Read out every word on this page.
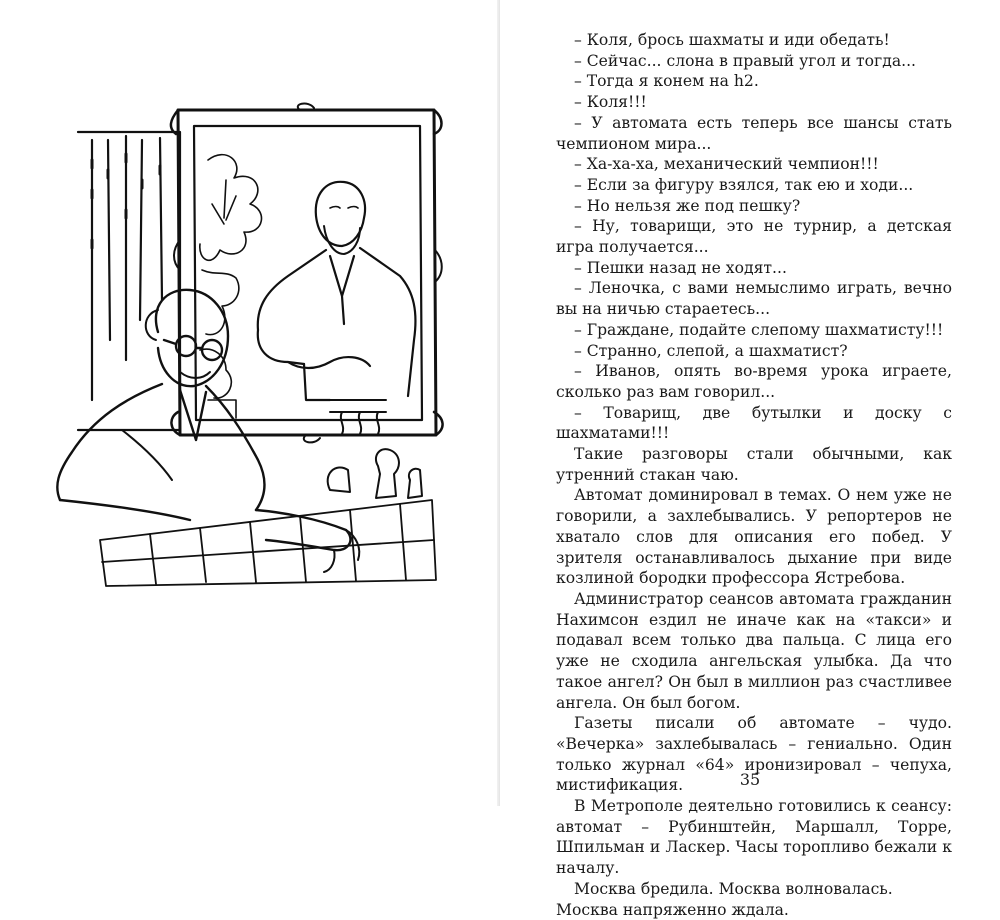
– Коля, брось шахматы и иди обедать!

– Сейчас... слона в правый угол и тогда...

– Тогда я конем на h2.

– Коля!!!

– У автомата есть теперь все шансы стать чемпионом мира...

– Ха-ха-ха, механический чемпион!!!

– Если за фигуру взялся, так ею и ходи...

– Но нельзя же под пешку?

– Ну, товарищи, это не турнир, а детская игра получается...

– Пешки назад не ходят...

– Леночка, с вами немыслимо играть, вечно вы на ничью стараетесь...

– Граждане, подайте слепому шахматисту!!!

– Странно, слепой, а шахматист?

– Иванов, опять во-время урока играете, сколько раз вам говорил...

– Товарищ, две бутылки и доску с шахматами!!!

Такие разговоры стали обычными, как утренний стакан чаю.

Автомат доминировал в темах. О нем уже не говорили, а захлебывались. У репортеров не хватало слов для описания его побед. У зрителя останавливалось дыхание при виде козлиной бородки профессора Ястребова.

Администратор сеансов автомата гражданин Нахимсон ездил не иначе как на «такси» и подавал всем только два пальца. С лица его уже не сходила ангельская улыбка. Да что такое ангел? Он был в миллион раз счастливее ангела. Он был богом.

Газеты писали об автомате – чудо. «Вечерка» захлебывалась – гениально. Один только журнал «64» иронизировал – чепуха, мистификация.

В Метрополе деятельно готовились к сеансу: автомат – Рубинштейн, Маршалл, Торре, Шпильман и Ласкер. Часы торопливо бежали к началу.

Москва бредила. Москва волновалась. Москва напряженно ждала.

35
